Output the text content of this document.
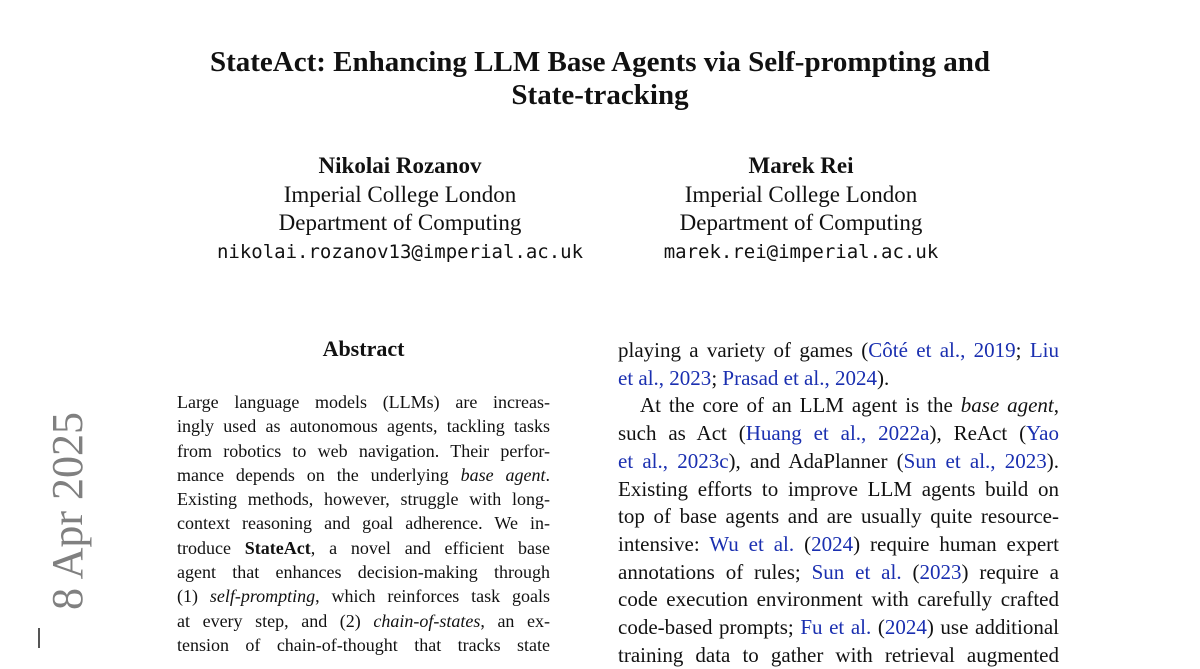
StateAct: Enhancing LLM Base Agents via Self-prompting and
State-tracking
Nikolai Rozanov
Imperial College London
Department of Computing
nikolai.rozanov13@imperial.ac.uk
Marek Rei
Imperial College London
Department of Computing
marek.rei@imperial.ac.uk
Abstract
Large language models (LLMs) are increas-
ingly used as autonomous agents, tackling tasks
from robotics to web navigation. Their perfor-
mance depends on the underlying base agent.
Existing methods, however, struggle with long-
context reasoning and goal adherence. We in-
troduce StateAct, a novel and efficient base
agent that enhances decision-making through
(1) self-prompting, which reinforces task goals
at every step, and (2) chain-of-states, an ex-
tension of chain-of-thought that tracks state
playing a variety of games (Côté et al., 2019; Liu
et al., 2023; Prasad et al., 2024).
At the core of an LLM agent is the base agent,
such as Act (Huang et al., 2022a), ReAct (Yao
et al., 2023c), and AdaPlanner (Sun et al., 2023).
Existing efforts to improve LLM agents build on
top of base agents and are usually quite resource-
intensive: Wu et al. (2024) require human expert
annotations of rules; Sun et al. (2023) require a
code execution environment with carefully crafted
code-based prompts; Fu et al. (2024) use additional
training data to gather with retrieval augmented
8 Apr 2025
